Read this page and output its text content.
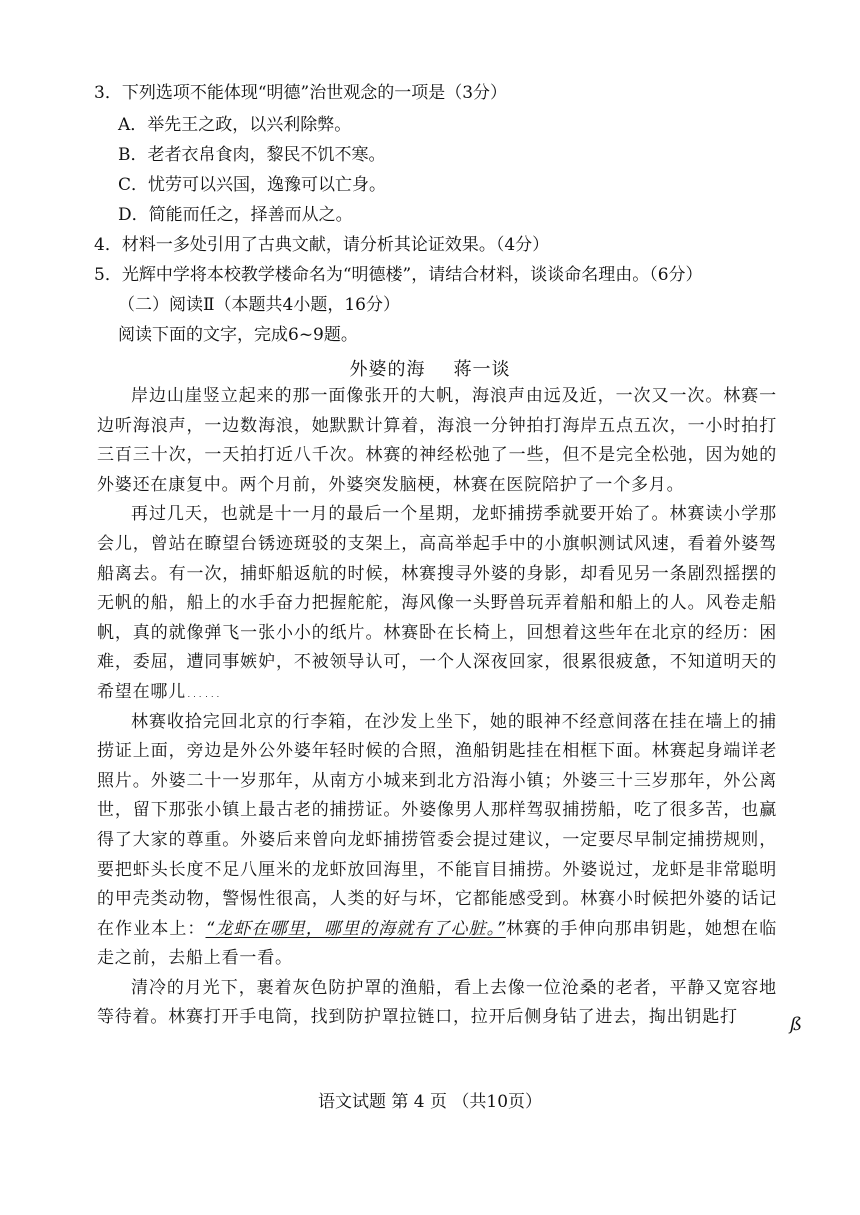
3．下列选项不能体现“明德”治世观念的一项是（3分）
A．举先王之政，以兴利除弊。
B．老者衣帛食肉，黎民不饥不寒。
C．忧劳可以兴国，逸豫可以亡身。
D．简能而任之，择善而从之。
4．材料一多处引用了古典文献，请分析其论证效果。（4分）
5．光辉中学将本校教学楼命名为“明德楼”，请结合材料，谈谈命名理由。（6分）
（二）阅读Ⅱ（本题共4小题，16分）
阅读下面的文字，完成6~9题。
外婆的海 蒋一谈

岸边山崖竖立起来的那一面像张开的大帆，海浪声由远及近，一次又一次。林赛一边听海浪声，一边数海浪，她默默计算着，海浪一分钟拍打海岸五点五次，一小时拍打三百三十次，一天拍打近八千次。林赛的神经松弛了一些，但不是完全松弛，因为她的外婆还在康复中。两个月前，外婆突发脑梗，林赛在医院陪护了一个多月。

再过几天，也就是十一月的最后一个星期，龙虾捕捞季就要开始了。林赛读小学那会儿，曾站在瞭望台锈迹斑驳的支架上，高高举起手中的小旗帜测试风速，看着外婆驾船离去。有一次，捕虾船返航的时候，林赛搜寻外婆的身影，却看见另一条剧烈摇摆的无帆的船，船上的水手奋力把握舵舵，海风像一头野兽玩弄着船和船上的人。风卷走船帆，真的就像弹飞一张小小的纸片。林赛卧在长椅上，回想着这些年在北京的经历：困难，委屈，遭同事嫉妒，不被领导认可，一个人深夜回家，很累很疲惫，不知道明天的希望在哪儿……

林赛收拾完回北京的行李箱，在沙发上坐下，她的眼神不经意间落在挂在墙上的捕捞证上面，旁边是外公外婆年轻时候的合照，渔船钥匙挂在相框下面。林赛起身端详老照片。外婆二十一岁那年，从南方小城来到北方沿海小镇；外婆三十三岁那年，外公离世，留下那张小镇上最古老的捕捞证。外婆像男人那样驾驭捕捞船，吃了很多苦，也赢得了大家的尊重。外婆后来曾向龙虾捕捞管委会提过建议，一定要尽早制定捕捞规则，要把虾头长度不足八厘米的龙虾放回海里，不能盲目捕捞。外婆说过，龙虾是非常聪明的甲壳类动物，警惕性很高，人类的好与坏，它都能感受到。林赛小时候把外婆的话记在作业本上：“龙虾在哪里，哪里的海就有了心脏。”林赛的手伸向那串钥匙，她想在临走之前，去船上看一看。

清冷的月光下，裹着灰色防护罩的渔船，看上去像一位沧桑的老者，平静又宽容地等待着。林赛打开手电筒，找到防护罩拉链口，拉开后侧身钻了进去，掏出钥匙打	ß
语文试题 第 4 页 （共10页）
